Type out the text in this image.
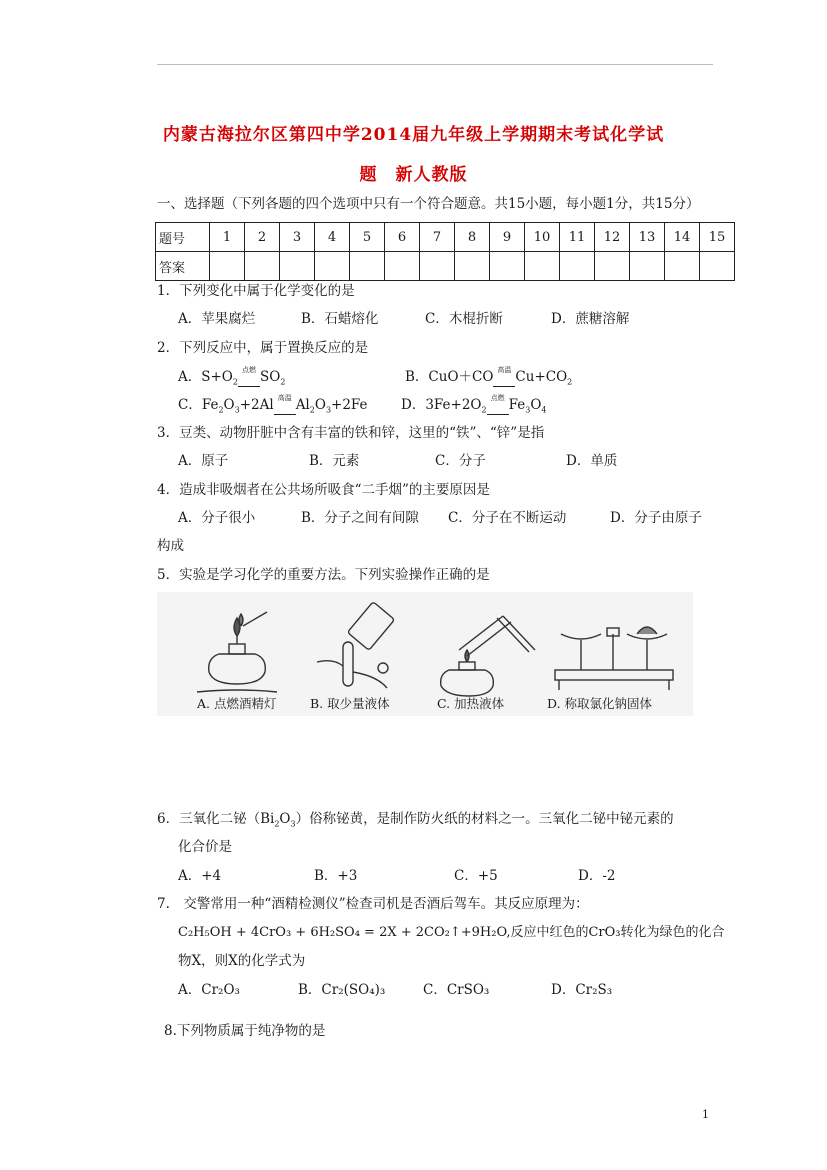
内蒙古海拉尔区第四中学2014届九年级上学期期末考试化学试
题　新人教版
一、选择题（下列各题的四个选项中只有一个符合题意。共15小题，每小题1分，共15分）
题号	1	2	3	4	5	6	7	8	9	10	11	12	13	14	15
答案															
1．下列变化中属于化学变化的是
A．苹果腐烂	B．石蜡熔化	C．木棍折断	D．蔗糖溶解
2．下列反应中，属于置换反应的是
A．$S+O_2$
点燃 $SO_2$	B．CuO＋CO 高温 $Cu+CO_2$
C．$Fe_2O_3+2Al$ 高温 $Al_2O_3+2Fe$ D．$3Fe+2O_2$
点燃 $Fe_3O_4$
3．豆类、动物肝脏中含有丰富的铁和锌，这里的“铁”、“锌”是指
A．原子	B．元素	C．分子	D．单质
4．造成非吸烟者在公共场所吸食“二手烟”的主要原因是
A．分子很小	B．分子之间有间隙 C．分子在不断运动	D．分子由原子
构成
5．实验是学习化学的重要方法。下列实验操作正确的是
A. 点燃酒精灯	B. 取少量液体	C. 加热液体	D. 称取氯化钠固体
6．三氧化二铋$(Bi_2O_3)$俗称铋黄，是制作防火纸的材料之一。三氧化二铋中铋元素的
化合价是
A．+4	B．+3	C．+5	D．-2
7.　交警常用一种“酒精检测仪”检查司机是否酒后驾车。其反应原理为：
C₂H₅OH + 4CrO₃ + 6H₂SO₄ = 2X + 2CO₂↑+9H₂O,反应中红色的CrO₃转化为绿色的化合
物X，则X的化学式为
A．Cr₂O₃	B．Cr₂(SO₄)₃	C．CrSO₃	D．Cr₂S₃
8.下列物质属于纯净物的是
1
